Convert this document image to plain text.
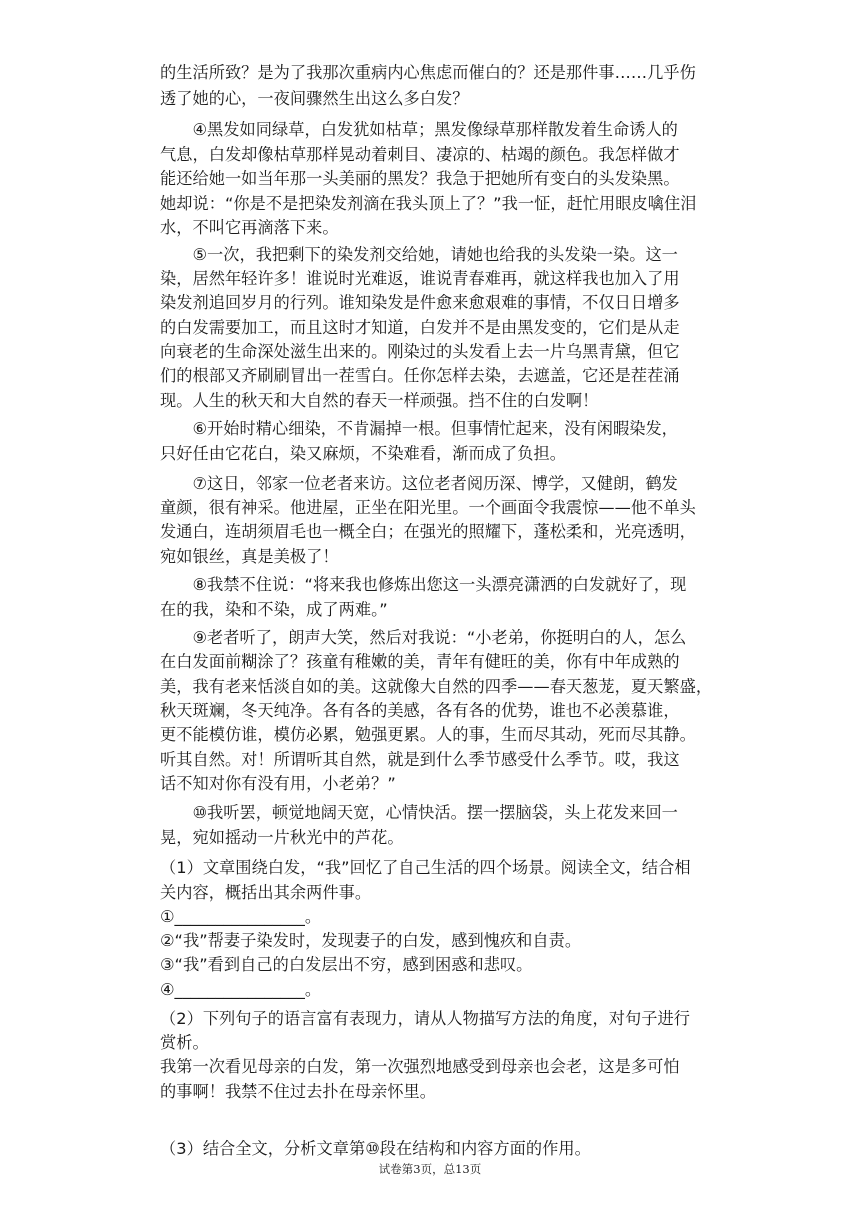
的生活所致？是为了我那次重病内心焦虑而催白的？还是那件事……几乎伤
透了她的心，一夜间骤然生出这么多白发？
　　④黑发如同绿草，白发犹如枯草；黑发像绿草那样散发着生命诱人的
气息，白发却像枯草那样晃动着刺目、凄凉的、枯竭的颜色。我怎样做才
能还给她一如当年那一头美丽的黑发？我急于把她所有变白的头发染黑。
她却说：“你是不是把染发剂滴在我头顶上了？”我一怔，赶忙用眼皮噙住泪
水，不叫它再滴落下来。
　　⑤一次，我把剩下的染发剂交给她，请她也给我的头发染一染。这一
染，居然年轻许多！谁说时光难返，谁说青春难再，就这样我也加入了用
染发剂追回岁月的行列。谁知染发是件愈来愈艰难的事情，不仅日日增多
的白发需要加工，而且这时才知道，白发并不是由黑发变的，它们是从走
向衰老的生命深处滋生出来的。刚染过的头发看上去一片乌黑青黛，但它
们的根部又齐刷刷冒出一茬雪白。任你怎样去染，去遮盖，它还是茬茬涌
现。人生的秋天和大自然的春天一样顽强。挡不住的白发啊！
　　⑥开始时精心细染，不肯漏掉一根。但事情忙起来，没有闲暇染发，
只好任由它花白，染又麻烦，不染难看，渐而成了负担。
　　⑦这日，邻家一位老者来访。这位老者阅历深、博学，又健朗，鹤发
童颜，很有神采。他进屋，正坐在阳光里。一个画面令我震惊——他不单头
发通白，连胡须眉毛也一概全白；在强光的照耀下，蓬松柔和，光亮透明，
宛如银丝，真是美极了！
　　⑧我禁不住说：“将来我也修炼出您这一头漂亮潇洒的白发就好了，现
在的我，染和不染，成了两难。”
　　⑨老者听了，朗声大笑，然后对我说：“小老弟，你挺明白的人，怎么
在白发面前糊涂了？孩童有稚嫩的美，青年有健旺的美，你有中年成熟的
美，我有老来恬淡自如的美。这就像大自然的四季——春天葱茏，夏天繁盛，
秋天斑斓，冬天纯净。各有各的美感，各有各的优势，谁也不必羡慕谁，
更不能模仿谁，模仿必累，勉强更累。人的事，生而尽其动，死而尽其静。
听其自然。对！所谓听其自然，就是到什么季节感受什么季节。哎，我这
话不知对你有没有用，小老弟？”
　　⑩我听罢，顿觉地阔天宽，心情快活。摆一摆脑袋，头上花发来回一
晃，宛如摇动一片秋光中的芦花。
（1）文章围绕白发，“我”回忆了自己生活的四个场景。阅读全文，结合相
关内容，概括出其余两件事。
①________________。
②“我”帮妻子染发时，发现妻子的白发，感到愧疚和自责。
③“我”看到自己的白发层出不穷，感到困惑和悲叹。
④________________。
（2）下列句子的语言富有表现力，请从人物描写方法的角度，对句子进行
赏析。
我第一次看见母亲的白发，第一次强烈地感受到母亲也会老，这是多可怕
的事啊！我禁不住过去扑在母亲怀里。
（3）结合全文，分析文章第⑩段在结构和内容方面的作用。
试卷第3页，总13页
